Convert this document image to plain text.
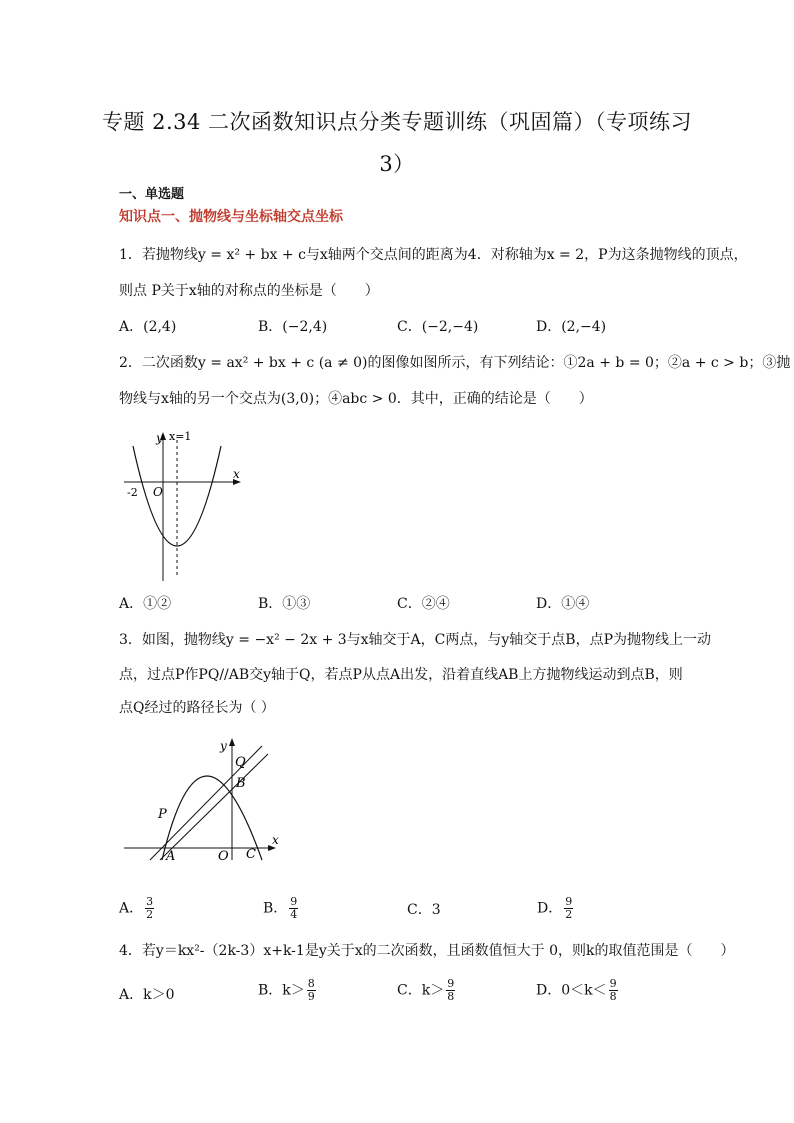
专题 2.34 二次函数知识点分类专题训练（巩固篇）（专项练习
3）
一、单选题
知识点一、抛物线与坐标轴交点坐标
1．若抛物线y = x² + bx + c与x轴两个交点间的距离为4．对称轴为x = 2，P为这条抛物线的顶点，
则点 P关于x轴的对称点的坐标是（　　）
A．(2,4)	B．(−2,4)	C．(−2,−4)	D．(2,−4)
2．二次函数y = ax² + bx + c (a ≠ 0)的图像如图所示，有下列结论：①2a + b = 0；②a + c > b；③抛
物线与x轴的另一个交点为(3,0)；④abc > 0．其中，正确的结论是（　　）
y x=1
x
-2 O
A．①②	B．①③	C．②④	D．①④
3．如图，抛物线y = −x² − 2x + 3与x轴交于A，C两点，与y轴交于点B，点P为抛物线上一动
点，过点P作PQ//AB交y轴于Q，若点P从点A出发，沿着直线AB上方抛物线运动到点B，则
点Q经过的路径长为（ ）
y
x
Q
B
P
A	O C
A． $\frac{3}{2}$	B． $\frac{9}{4}$	C．3	D． $\frac{9}{2}$
4．若y＝kx²-（2k-3）x+k-1是y关于x的二次函数，且函数值恒大于 0，则k的取值范围是（　　）
A．k＞0	B．$k> \frac{8}{9}$	C．$k> \frac{9}{8}$	D．$0<k< \frac{9}{8}$
